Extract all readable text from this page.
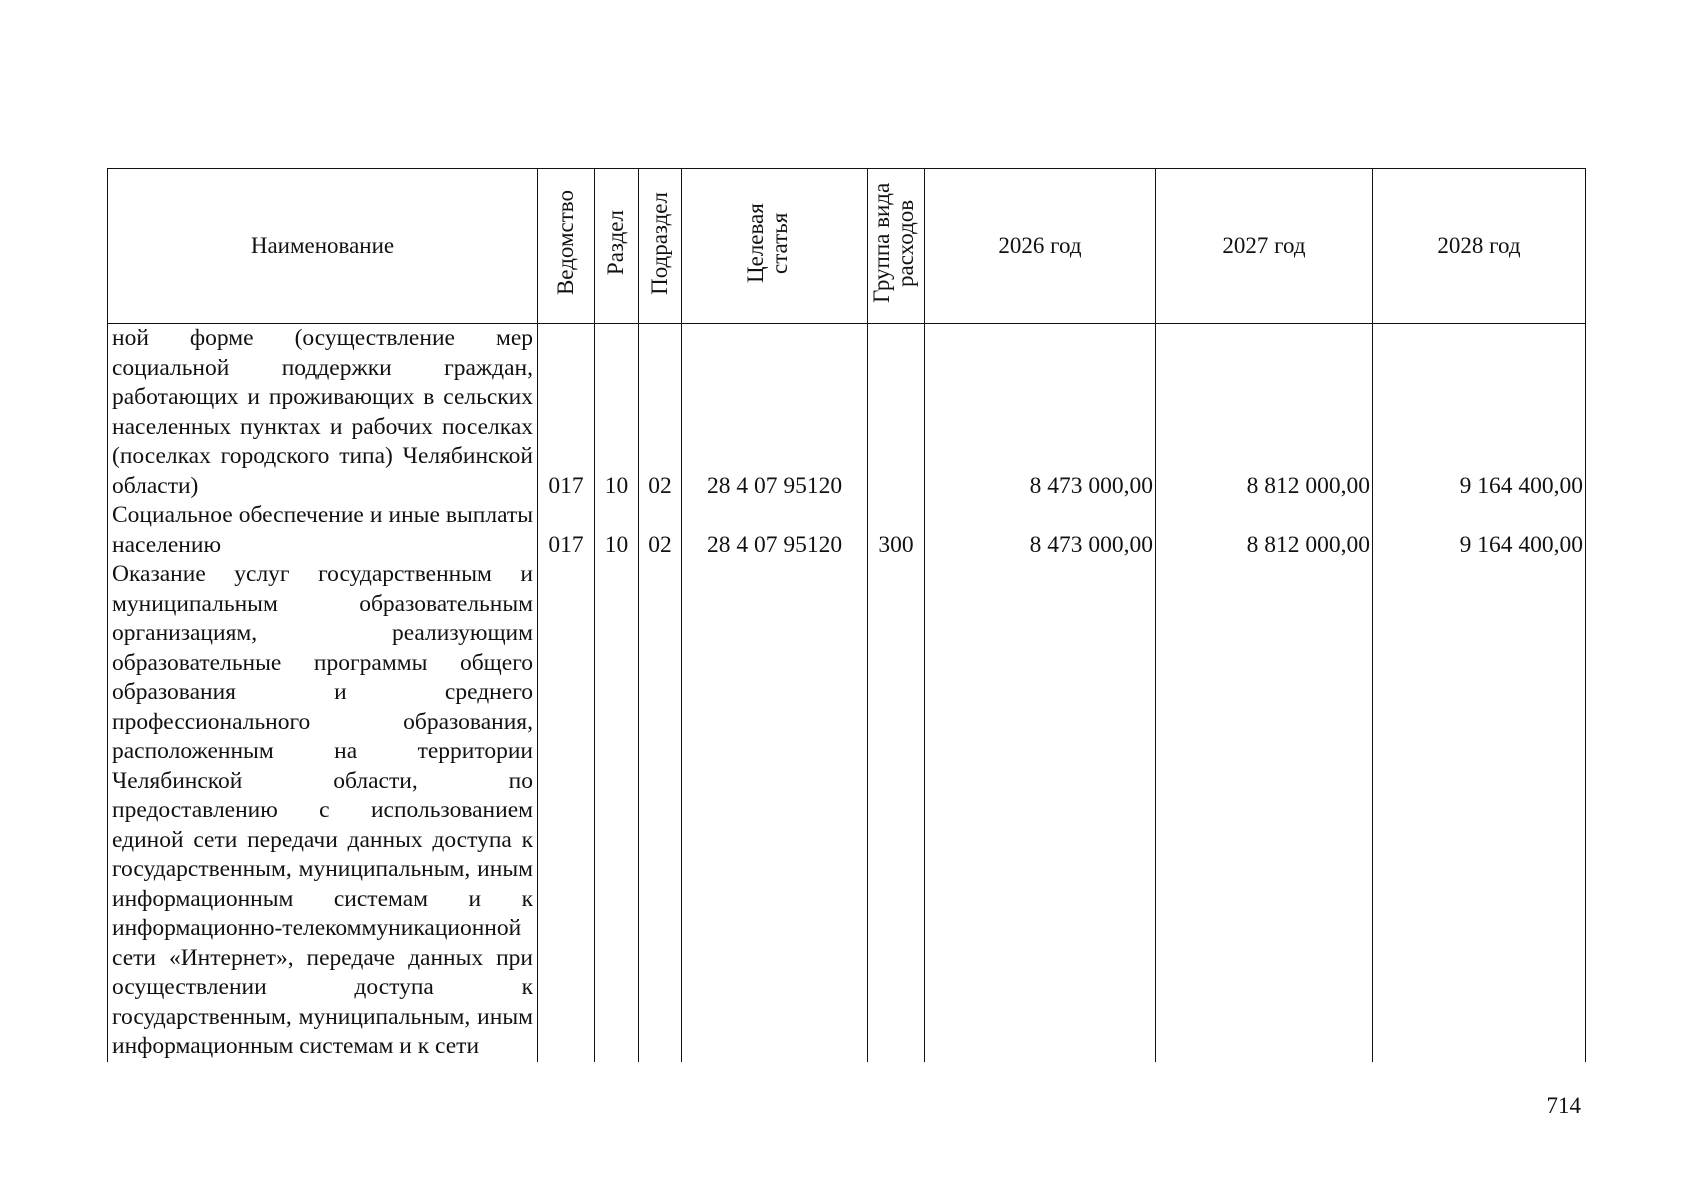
Наименование	Ведомство	Раздел	Подраздел	Целевая статья	Группа вида расходов	2026 год	2027 год	2028 год
ной форме (осуществление мер социальной поддержки граждан, работающих и проживающих в сельских населенных пунктах и рабочих поселках (поселках городского типа) Челябинской области)	017	10	02	28 4 07 95120		8 473 000,00	8 812 000,00	9 164 400,00
Социальное обеспечение и иные выплаты населению	017	10	02	28 4 07 95120	300	8 473 000,00	8 812 000,00	9 164 400,00
Оказание услуг государственным и муниципальным образовательным организациям, реализующим образовательные программы общего образования и среднего профессионального образования, расположенным на территории Челябинской области, по предоставлению с использованием единой сети передачи данных доступа к государственным, муниципальным, иным информационным системам и к информационно-телекоммуникационной сети «Интернет», передаче данных при осуществлении доступа к государственным, муниципальным, иным информационным системам и к сети								
714
